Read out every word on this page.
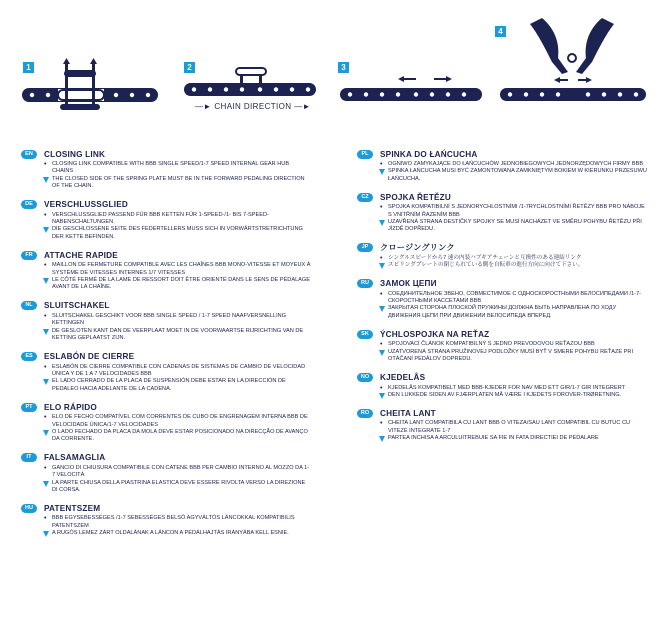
1	2	3
4
—► CHAIN DIRECTION —►
EN	CLOSING LINK
• CLOSING LINK COMPATIBLE WITH BBB SINGLE SPEED/1-7 SPEED INTERNAL GEAR HUB CHAINS
THE CLOSED SIDE OF THE SPRING PLATE MUST BE IN THE FORWARD PEDALING DIRECTION OF THE CHAIN.
DE	VERSCHLUSSGLIED
• VERSCHLUSSGLIED PASSEND FÜR BBB KETTEN FÜR 1-SPEED-/1- BIS 7-SPEED- NABENSCHALTUNGEN
DIE GESCHLOSSENE SEITE DES FEDERTELLERS MUSS SICH IN VORWÄRTSTRETRICHTUNG DER KETTE BEFINDEN.
FR	ATTACHE RAPIDE
• MAILLON DE FERMETURE COMPATIBLE AVEC LES CHAÎNES BBB MONO-VITESSE ET MOYEUX À SYSTÈME DE VITESSES INTERNES 1/7 VITESSES
LE CÔTÉ FERMÉ DE LA LAME DE RESSORT DOIT ÊTRE ORIENTÉ DANS LE SENS DE PÉDALAGE AVANT DE LA CHAÎNE.
NL	SLUITSCHAKEL
• SLUITSCHAKEL GESCHIKT VOOR BBB SINGLE SPEED / 1-7 SPEED NAAFVERSNELLING KETTINGEN
DE GESLOTEN KANT DAN DE VEERPLAAT MOET IN DE VOORWAARTSE RIJRICHTING VAN DE KETTING GEPLAATST ZIJN.
ES	ESLABÓN DE CIERRE
• ESLABÓN DE CIERRE COMPATIBLE CON CADENAS DE SISTEMAS DE CAMBIO DE VELOCIDAD ÚNICA Y DE 1 A 7 VELOCIDADES BBB
EL LADO CERRADO DE LA PLACA DE SUSPENSIÓN DEBE ESTAR EN LA DIRECCIÓN DE PEDALEO HACIA ADELANTE DE LA CADENA.
PT	ELO RÁPIDO
• ELO DE FECHO COMPATÍVEL COM CORRENTES DE CUBO DE ENGRENAGEM INTERNA BBB DE VELOCIDADE ÚNICA/1-7 VELOCIDADES
O LADO FECHADO DA PLACA DA MOLA DEVE ESTAR POSICIONADO NA DIRECÇÃO DE AVANÇO DA CORRENTE.
IT	FALSAMAGLIA
• GANCIO DI CHIUSURA COMPATIBILE CON CATENE BBB PER CAMBIO INTERNO AL MOZZO DA 1-7 VELOCITÀ
LA PARTE CHIUSA DELLA PIASTRINA ELASTICA DEVE ESSERE RIVOLTA VERSO LA DIREZIONE DI CORSA.
HU	PATENTSZEM
• BBB EGYSEBESSÉGES /1-7 SEBESSÉGES BELSŐ AGYVÁLTÓS LÁNCOKKAL KOMPATIBILIS PATENTSZEM
A RUGÓS LEMEZ ZÁRT OLDALÁNAK A LÁNCON A PEDÁLHAJTÁS IRÁNYÁBA KELL ESNIE.
PL	SPINKA DO ŁAŃCUCHA
• OGNIWO ZAMYKAJĄCE DO ŁAŃCUCHÓW JEDNOBIEGOWYCH JEDNORZĘDOWYCH FIRMY BBB
SPINKA ŁAŃCUCHA MUSI BYĆ ZAMONTOWANA ZAMKNIĘTYM BOKIEM W KIERUNKU PRZESUWU ŁAŃCUCHA.
CZ	SPOJKA ŘETĚZU
• SPOJKA KOMPATIBILNÍ S JEDNORYCHLOSTNÍMI /1-7RYCHLOSTNÍMI ŘETĚZY BBB PRO NÁBOJE S VNITŘNÍM ŘAZENÍM BBB
UZAVŘENÁ STRANA DESTIČKY SPOJKY SE MUSÍ NACHÁZET VE SMĚRU POHYBU ŘETĚZU PŘI JÍZDĚ DOPŘEDU.
JP	クロージングリンク
• シングルスピードから7 速の内装ハブギアチェーンと互換性のある連結リンク
スピリングプレートの閉じられている側を自転車の進行方向に向けて下さい。
RU	ЗАМОК ЦЕПИ
• СОЕДИНИТЕЛЬНОЕ ЗВЕНО, СОВМЕСТИМОЕ С ОДНОСКОРОСТНЫМИ ВЕЛОСИПЕДАМИ /1-7-СКОРОСТНЫМИ КАССЕТАМИ BBB
ЗАКРЫТАЯ СТОРОНА ПЛОСКОЙ ПРУЖИНЫ ДОЛЖНА БЫТЬ НАПРАВЛЕНА ПО ХОДУ ДВИЖЕНИЯ ЦЕПИ ПРИ ДВИЖЕНИИ ВЕЛОСИПЕДА ВПЕРЕД.
SK	ÝCHLOSPOJKA NA REŤAZ
• SPOJOVACÍ ČLÁNOK KOMPATIBILNÝ S JEDNO PREVODOVOU REŤAZOU BBB
UZATVORENÁ STRANA PRUŽINOVEJ PODLOŽKY MUSÍ BYŤ V SMERE POHYBU REŤAZE PRI OTÁČANÍ PEDÁLOV DOPREDU.
NO	KJEDELÅS
• KJEDELÅS KOMPATIBELT MED BBB-KJEDER FOR NAV MED ETT GIR/1-7 GIR INTEGRERT
DEN LUKKEDE SIDEN AV FJÆRPLATEN MÅ VÆRE I KJEDETS FOROVER-TRØRETNING.
RO	CHEITA LANT
• CHEITA LANT COMPATIBILA CU LANT BBB O VITEZA/SAU LANT COMPATIBIL CU BUTUC CU VITEZE INTEGRATE 1-7
PARTEA INCHISA A ARCULUITREBUIE SA FIE IN FATA DIRECTIEI DE PEDALARE
